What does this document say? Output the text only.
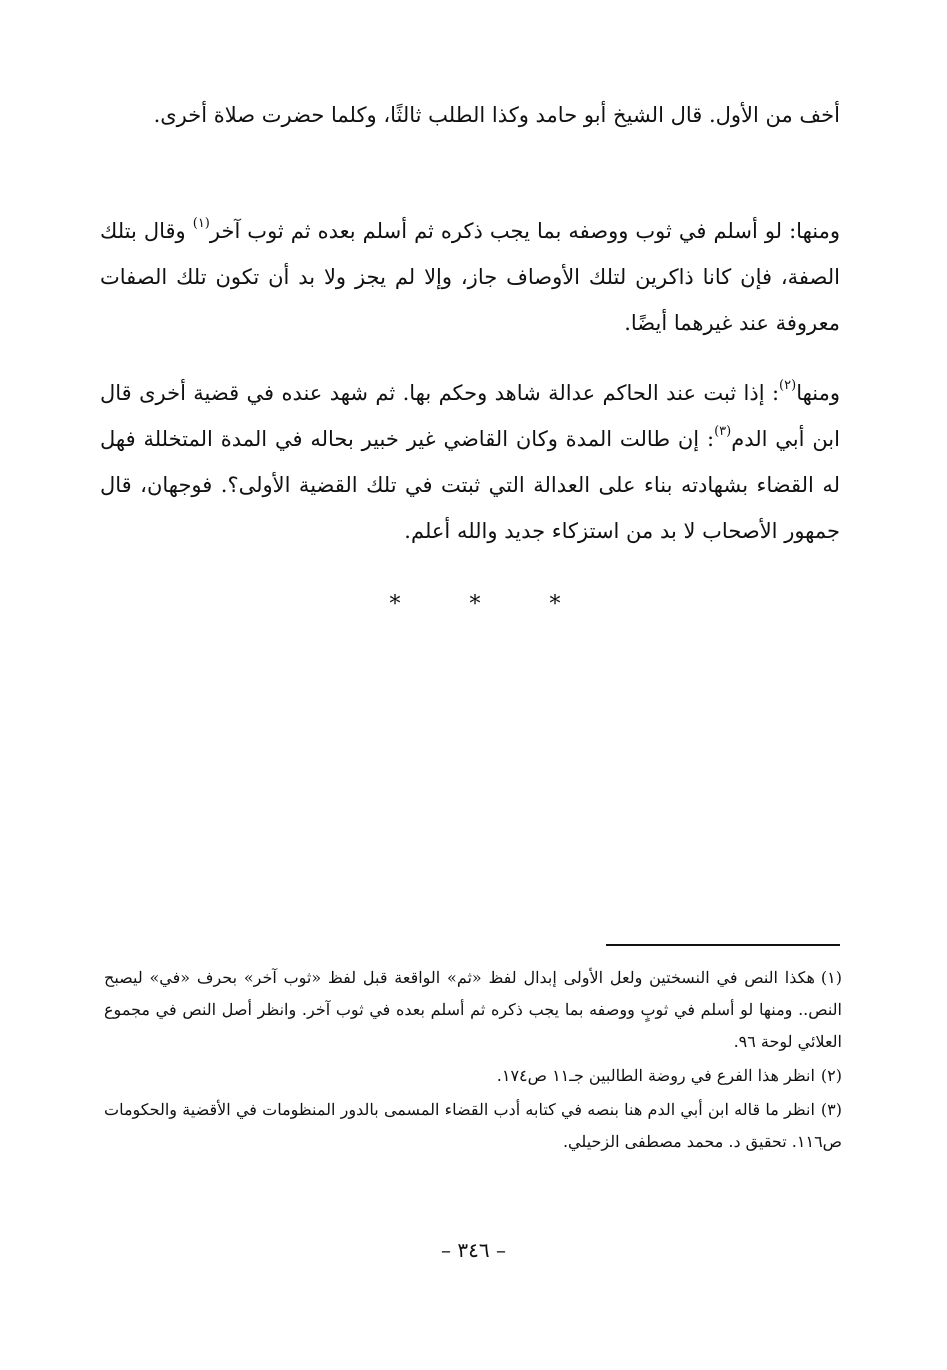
أخف من الأول. قال الشيخ أبو حامد وكذا الطلب ثالثًا، وكلما حضرت صلاة أخرى.

ومنها: لو أسلم في ثوب ووصفه بما يجب ذكره ثم أسلم بعده ثم ثوب آخر$^{(١)}$ وقال بتلك الصفة، فإن كانا ذاكرين لتلك الأوصاف جاز، وإلا لم يجز ولا بد أن تكون تلك الصفات معروفة عند غيرهما أيضًا.

ومنها$^{(٢)}$: إذا ثبت عند الحاكم عدالة شاهد وحكم بها. ثم شهد عنده في قضية أخرى قال ابن أبي الدم$^{(٣)}$: إن طالت المدة وكان القاضي غير خبير بحاله في المدة المتخللة فهل له القضاء بشهادته بناء على العدالة التي ثبتت في تلك القضية الأولى؟. فوجهان، قال جمهور الأصحاب لا بد من استزكاء جديد والله أعلم.

*
*
*

(١)هكذا النص في النسختين ولعل الأولى إبدال لفظ «ثم» الواقعة قبل لفظ «ثوب آخر» بحرف «في» ليصبح النص.. ومنها لو أسلم في ثوبٍ ووصفه بما يجب ذكره ثم أسلم بعده في ثوب آخر. وانظر أصل النص في مجموع العلائي لوحة ٩٦.

(٢)انظر هذا الفرع في روضة الطالبين جـ١١ ص١٧٤.

(٣)انظر ما قاله ابن أبي الدم هنا بنصه في كتابه أدب القضاء المسمى بالدور المنظومات في الأقضية والحكومات ص١١٦. تحقيق د. محمد مصطفى الزحيلي.

– ٣٤٦ –
